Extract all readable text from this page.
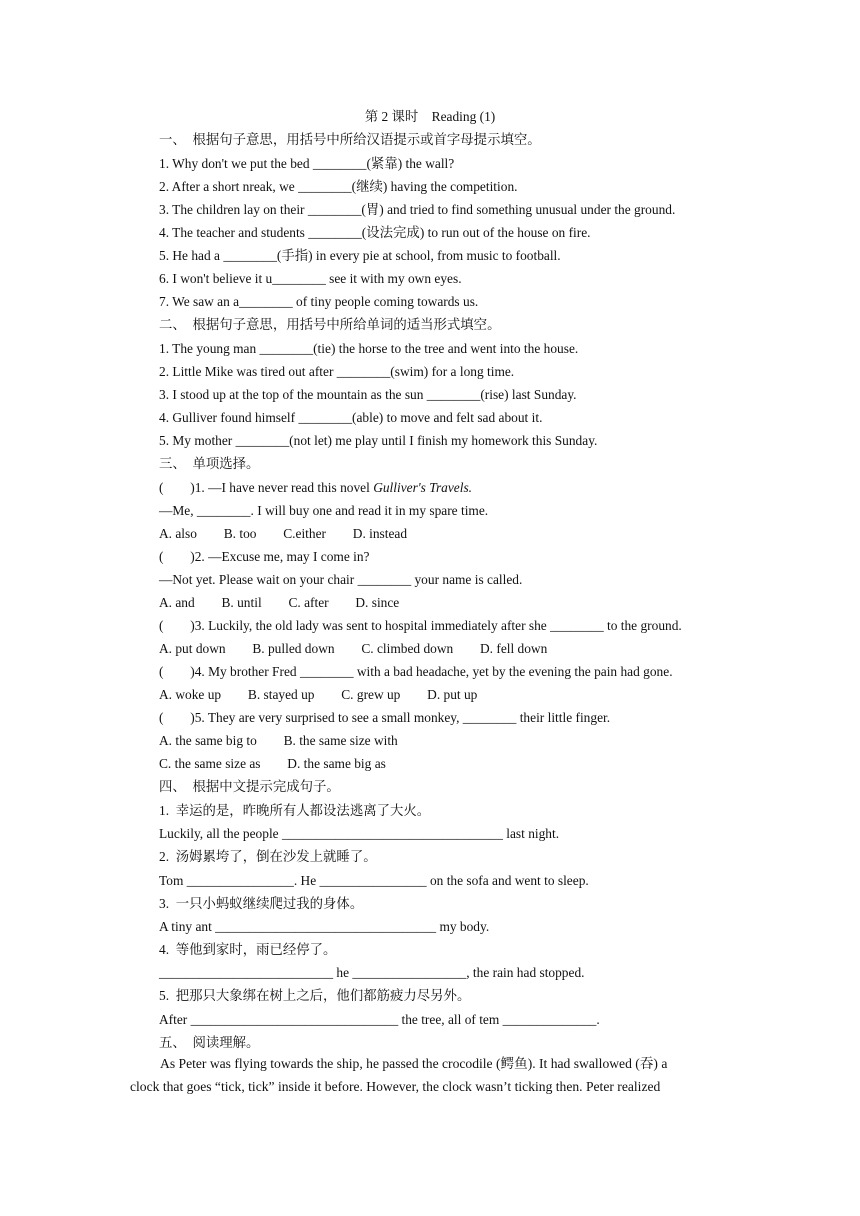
第 2 课时    Reading (1)
一、  根据句子意思，用括号中所给汉语提示或首字母提示填空。
1. Why don't we put the bed ________(紧靠) the wall?
2. After a short nreak, we ________(继续) having the competition.
3. The children lay on their ________(胃) and tried to find something unusual under the ground.
4. The teacher and students ________(设法完成) to run out of the house on fire.
5. He had a ________(手指) in every pie at school, from music to football.
6. I won't believe it u________ see it with my own eyes.
7. We saw an a________ of tiny people coming towards us.
二、  根据句子意思，用括号中所给单词的适当形式填空。
1. The young man ________(tie) the horse to the tree and went into the house.
2. Little Mike was tired out after ________(swim) for a long time.
3. I stood up at the top of the mountain as the sun ________(rise) last Sunday.
4. Gulliver found himself ________(able) to move and felt sad about it.
5. My mother ________(not let) me play until I finish my homework this Sunday.
三、  单项选择。
(        )1. —I have never read this novel Gulliver's Travels.
—Me, ________. I will buy one and read it in my spare time.
A. also        B. too        C.either        D. instead
(        )2. —Excuse me, may I come in?
—Not yet. Please wait on your chair ________ your name is called.
A. and        B. until        C. after        D. since
(        )3. Luckily, the old lady was sent to hospital immediately after she ________ to the ground.
A. put down        B. pulled down        C. climbed down        D. fell down
(        )4. My brother Fred ________ with a bad headache, yet by the evening the pain had gone.
A. woke up        B. stayed up        C. grew up        D. put up
(        )5. They are very surprised to see a small monkey, ________ their little finger.
A. the same big to        B. the same size with
C. the same size as        D. the same big as
四、  根据中文提示完成句子。
1.  幸运的是，昨晚所有人都设法逃离了大火。
Luckily, all the people _________________________________ last night.
2.  汤姆累垮了，倒在沙发上就睡了。
Tom ________________. He ________________ on the sofa and went to sleep.
3.  一只小蚂蚁继续爬过我的身体。
A tiny ant _________________________________ my body.
4.  等他到家时，雨已经停了。
__________________________ he _________________, the rain had stopped.
5.  把那只大象绑在树上之后，他们都筋疲力尽另外。
After _______________________________ the tree, all of tem ______________.
五、  阅读理解。
As Peter was flying towards the ship, he passed the crocodile (鳄鱼). It had swallowed (吞) a
clock that goes “tick, tick” inside it before. However, the clock wasn’t ticking then. Peter realized
